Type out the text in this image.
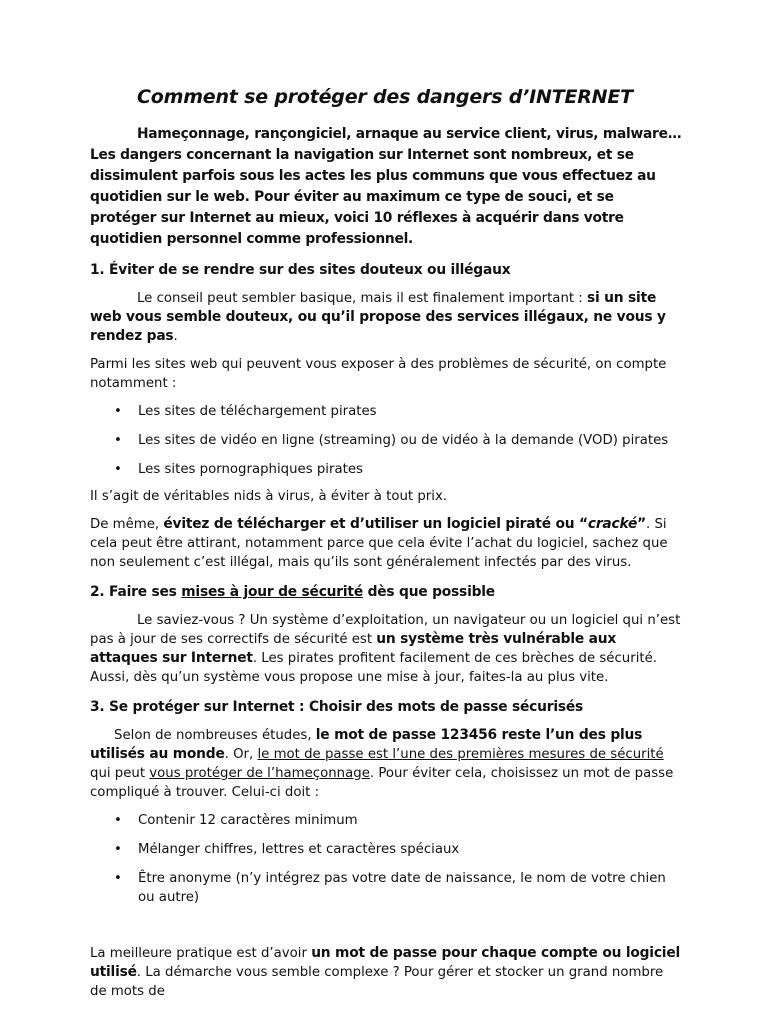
Comment se protéger des dangers d’INTERNET

Hameçonnage, rançongiciel, arnaque au service client, virus, malware… Les dangers concernant la navigation sur Internet sont nombreux, et se dissimulent parfois sous les actes les plus communs que vous effectuez au quotidien sur le web. Pour éviter au maximum ce type de souci, et se protéger sur Internet au mieux, voici 10 réflexes à acquérir dans votre quotidien personnel comme professionnel.

1. Éviter de se rendre sur des sites douteux ou illégaux

Le conseil peut sembler basique, mais il est finalement important : si un site web vous semble douteux, ou qu’il propose des services illégaux, ne vous y rendez pas.

Parmi les sites web qui peuvent vous exposer à des problèmes de sécurité, on compte notamment :

• Les sites de téléchargement pirates
• Les sites de vidéo en ligne (streaming) ou de vidéo à la demande (VOD) pirates
• Les sites pornographiques pirates

Il s’agit de véritables nids à virus, à éviter à tout prix.

De même, évitez de télécharger et d’utiliser un logiciel piraté ou “cracké”. Si cela peut être attirant, notamment parce que cela évite l’achat du logiciel, sachez que non seulement c’est illégal, mais qu’ils sont généralement infectés par des virus.

2. Faire ses mises à jour de sécurité dès que possible

Le saviez-vous ? Un système d’exploitation, un navigateur ou un logiciel qui n’est pas à jour de ses correctifs de sécurité est un système très vulnérable aux attaques sur Internet. Les pirates profitent facilement de ces brèches de sécurité. Aussi, dès qu’un système vous propose une mise à jour, faites-la au plus vite.

3. Se protéger sur Internet : Choisir des mots de passe sécurisés

Selon de nombreuses études, le mot de passe 123456 reste l’un des plus utilisés au monde. Or, le mot de passe est l’une des premières mesures de sécurité qui peut vous protéger de l’hameçonnage. Pour éviter cela, choisissez un mot de passe compliqué à trouver. Celui-ci doit :

• Contenir 12 caractères minimum
• Mélanger chiffres, lettres et caractères spéciaux
• Être anonyme (n’y intégrez pas votre date de naissance, le nom de votre chien ou autre)

La meilleure pratique est d’avoir un mot de passe pour chaque compte ou logiciel utilisé. La démarche vous semble complexe ? Pour gérer et stocker un grand nombre de mots de
